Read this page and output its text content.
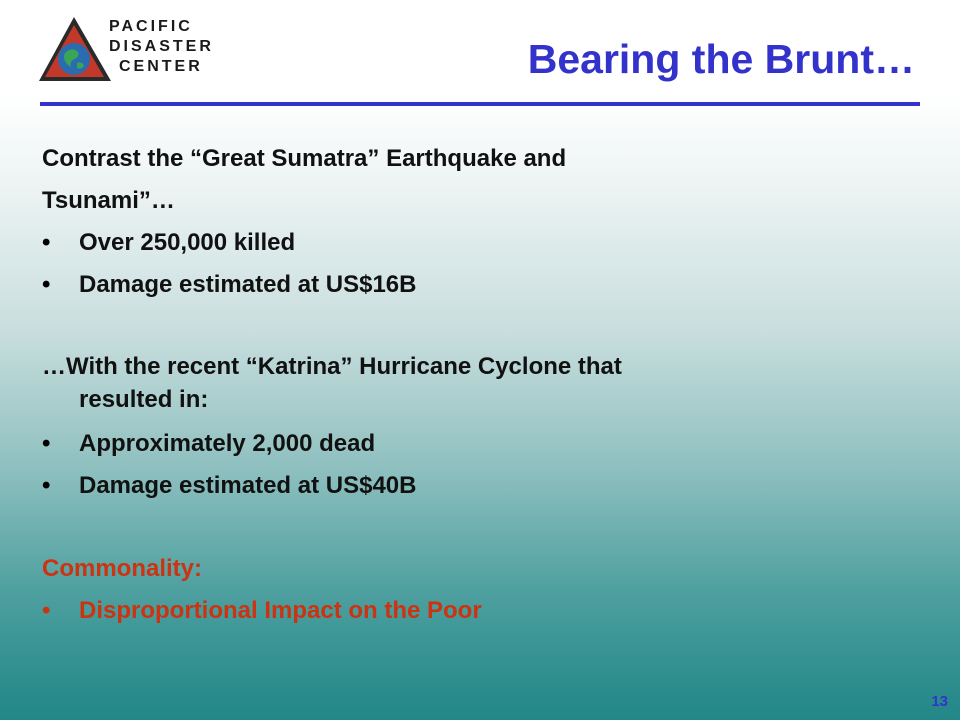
PACIFIC
DISASTER
CENTER	Bearing the Brunt…
“Ultra DISasters”
Contrast the “Great Sumatra” Earthquake and
Tsunami”…
• Over 250,000 killed
• Damage estimated at US$16B
…With the recent “Katrina” Hurricane Cyclone that
resulted in:
• Approximately 2,000 dead
• Damage estimated at US$40B
Commonality:
• Disproportional Impact on the Poor
13
